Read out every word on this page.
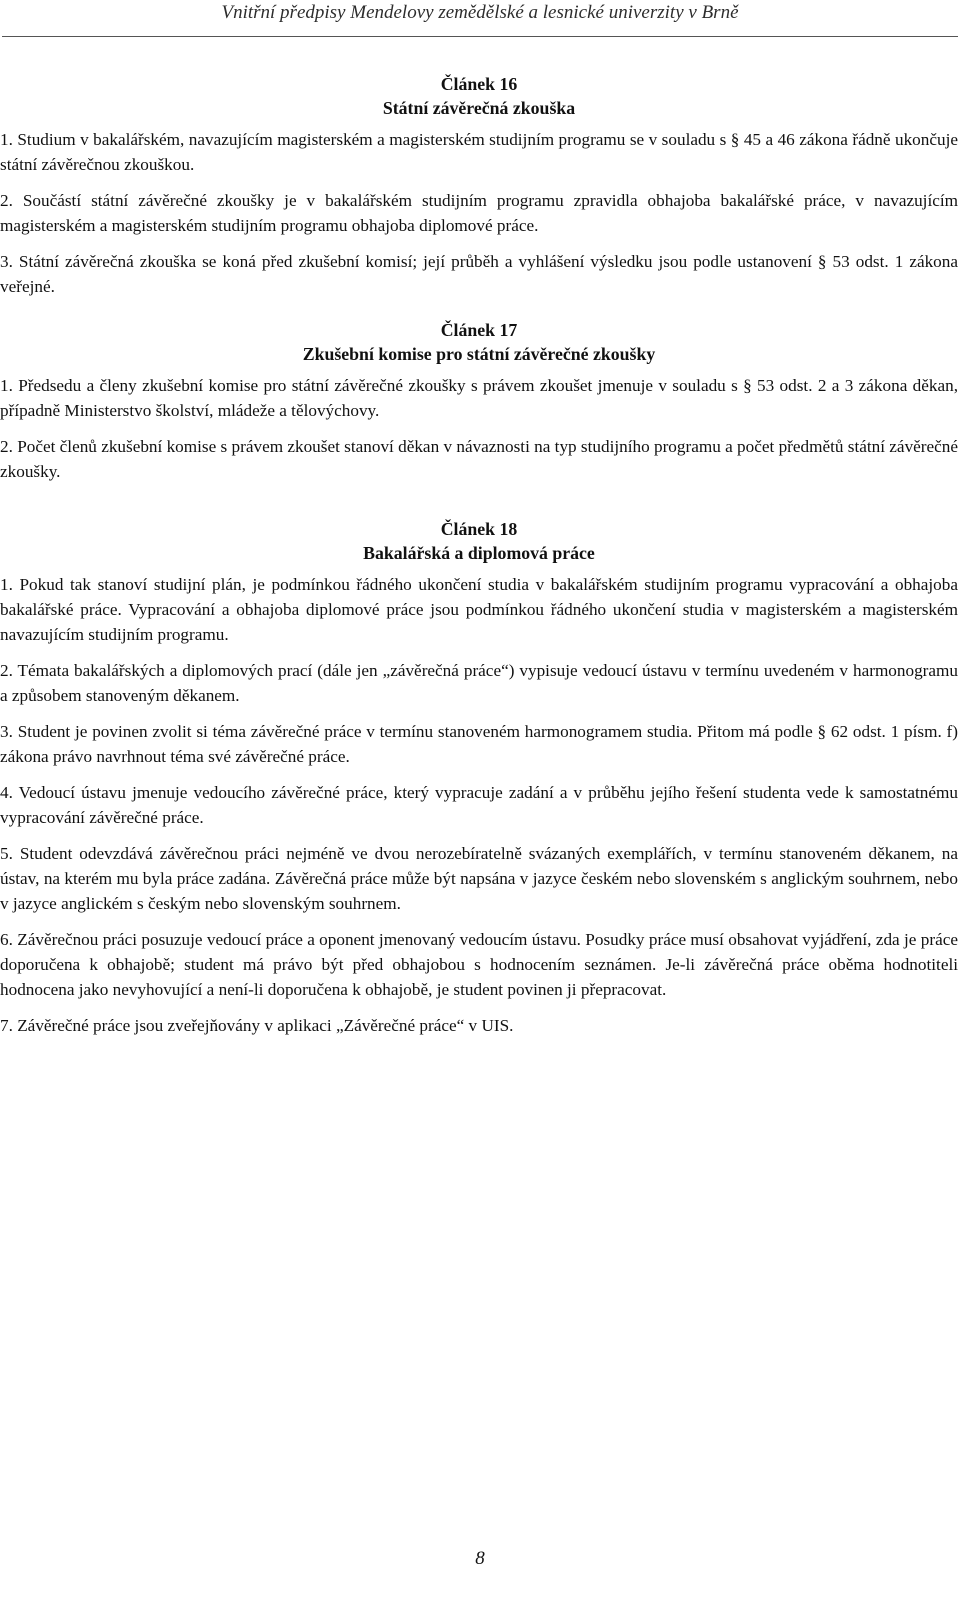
Vnitřní předpisy Mendelovy zemědělské a lesnické univerzity v Brně

Článek 16

Státní závěrečná zkouška

1. Studium v bakalářském, navazujícím magisterském a magisterském studijním programu se v souladu s § 45 a 46 zákona řádně ukončuje státní závěrečnou zkouškou.

2. Součástí státní závěrečné zkoušky je v bakalářském studijním programu zpravidla obhajoba bakalářské práce, v navazujícím magisterském a magisterském studijním programu obhajoba diplomové práce.

3. Státní závěrečná zkouška se koná před zkušební komisí; její průběh a vyhlášení výsledku jsou podle ustanovení § 53 odst. 1 zákona veřejné.

Článek 17

Zkušební komise pro státní závěrečné zkoušky

1. Předsedu a členy zkušební komise pro státní závěrečné zkoušky s právem zkoušet jmenuje v souladu s § 53 odst. 2 a 3 zákona děkan, případně Ministerstvo školství, mládeže a tělovýchovy.

2. Počet členů zkušební komise s právem zkoušet stanoví děkan v návaznosti na typ studijního programu a počet předmětů státní závěrečné zkoušky.

Článek 18

Bakalářská a diplomová práce

1. Pokud tak stanoví studijní plán, je podmínkou řádného ukončení studia v bakalářském studijním programu vypracování a obhajoba bakalářské práce. Vypracování a obhajoba diplomové práce jsou podmínkou řádného ukončení studia v magisterském a magisterském navazujícím studijním programu.

2. Témata bakalářských a diplomových prací (dále jen „závěrečná práce“) vypisuje vedoucí ústavu v termínu uvedeném v harmonogramu a způsobem stanoveným děkanem.

3. Student je povinen zvolit si téma závěrečné práce v termínu stanoveném harmonogramem studia. Přitom má podle § 62 odst. 1 písm. f) zákona právo navrhnout téma své závěrečné práce.

4. Vedoucí ústavu jmenuje vedoucího závěrečné práce, který vypracuje zadání a v průběhu jejího řešení studenta vede k samostatnému vypracování závěrečné práce.

5. Student odevzdává závěrečnou práci nejméně ve dvou nerozebíratelně svázaných exemplářích, v termínu stanoveném děkanem, na ústav, na kterém mu byla práce zadána. Závěrečná práce může být napsána v jazyce českém nebo slovenském s anglickým souhrnem, nebo v jazyce anglickém s českým nebo slovenským souhrnem.

6. Závěrečnou práci posuzuje vedoucí práce a oponent jmenovaný vedoucím ústavu. Posudky práce musí obsahovat vyjádření, zda je práce doporučena k obhajobě; student má právo být před obhajobou s hodnocením seznámen. Je-li závěrečná práce oběma hodnotiteli hodnocena jako nevyhovující a není-li doporučena k obhajobě, je student povinen ji přepracovat.

7. Závěrečné práce jsou zveřejňovány v aplikaci „Závěrečné práce“ v UIS.

8
